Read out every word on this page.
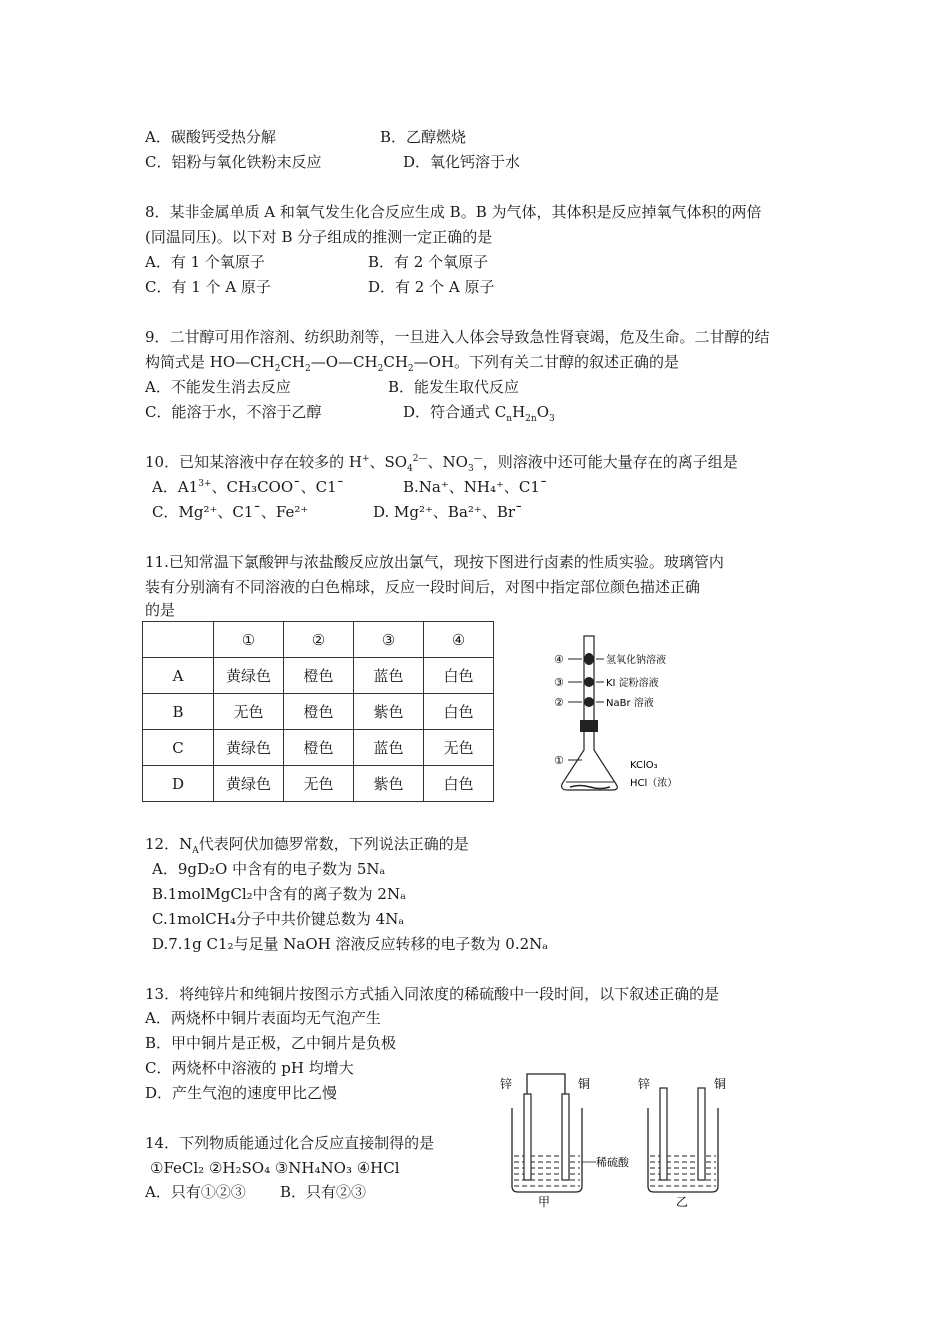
A．碳酸钙受热分解	B．乙醇燃烧
C．铝粉与氧化铁粉末反应	D．氧化钙溶于水
8．某非金属单质 A 和氧气发生化合反应生成 B。B 为气体，其体积是反应掉氧气体积的两倍
(同温同压)。以下对 B 分子组成的推测一定正确的是
A．有 1 个氧原子	B．有 2 个氧原子
C．有 1 个 A 原子	D．有 2 个 A 原子
9．二甘醇可用作溶剂、纺织助剂等，一旦进入人体会导致急性肾衰竭，危及生命。二甘醇的结
构简式是 $HO—CH_2CH_2—O—CH_2CH_2—OH$。下列有关二甘醇的叙述正确的是
A．不能发生消去反应	B．能发生取代反应
C．能溶于水，不溶于乙醇	D．符合通式 $C_nH_{2n}O_3$
10．已知某溶液中存在较多的 H+、$SO_4^{2—}$、$NO_3^—$，则溶液中还可能大量存在的离子组是
A．$A1^{3+}$、CH₃COO¯、C1¯	B.Na⁺、NH₄⁺、C1¯
C．Mg²⁺、C1¯、Fe²⁺	D. Mg²⁺、Ba²⁺、Br¯
11.已知常温下氯酸钾与浓盐酸反应放出氯气，现按下图进行卤素的性质实验。玻璃管内
装有分别滴有不同溶液的白色棉球，反应一段时间后，对图中指定部位颜色描述正确
的是
	①	②	③	④
A	黄绿色	橙色	蓝色	白色
B	无色	橙色	紫色	白色
C	黄绿色	橙色	蓝色	无色
D	黄绿色	无色	紫色	白色
④
③
②
①
氢氧化钠溶液
KI 淀粉溶液
NaBr 溶液
KClO₃
HCl（浓）
12．$N_A$代表阿伏加德罗常数，下列说法正确的是
A．9gD₂O 中含有的电子数为 5Nₐ
B.1molMgCl₂中含有的离子数为 2Nₐ
C.1molCH₄分子中共价键总数为 4Nₐ
D.7.1g C1₂与足量 NaOH 溶液反应转移的电子数为 0.2Nₐ
13．将纯锌片和纯铜片按图示方式插入同浓度的稀硫酸中一段时间，以下叙述正确的是
A．两烧杯中铜片表面均无气泡产生
B．甲中铜片是正极，乙中铜片是负极
C．两烧杯中溶液的 pH 均增大
D．产生气泡的速度甲比乙慢
14．下列物质能通过化合反应直接制得的是
①FeCl₂ ②H₂SO₄ ③NH₄NO₃ ④HCl
A．只有①②③ B．只有②③
锌	铜
甲
稀硫酸
锌	铜
乙
